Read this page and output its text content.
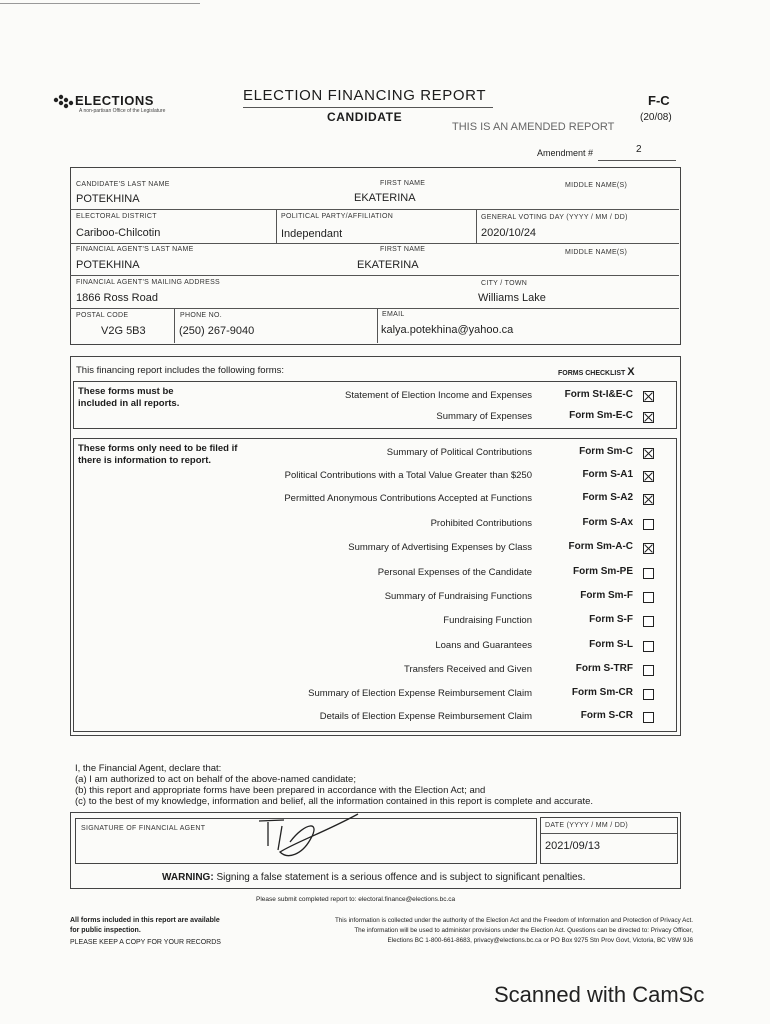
ELECTIONS
A non-partisan Office of the Legislature
ELECTION FINANCING REPORT
CANDIDATE
F-C
(20/08)
THIS IS AN AMENDED REPORT
Amendment #	2
CANDIDATE'S LAST NAME
POTEKHINA
FIRST NAME
EKATERINA
MIDDLE NAME(S)
ELECTORAL DISTRICT
Cariboo-Chilcotin
POLITICAL PARTY/AFFILIATION
Independant
GENERAL VOTING DAY (YYYY / MM / DD)
2020/10/24
FINANCIAL AGENT'S LAST NAME
POTEKHINA
FIRST NAME
EKATERINA
MIDDLE NAME(S)
FINANCIAL AGENT'S MAILING ADDRESS
1866 Ross Road
CITY / TOWN
Williams Lake
POSTAL CODE
V2G 5B3
PHONE NO.
(250) 267-9040
EMAIL
kalya.potekhina@yahoo.ca
This financing report includes the following forms:	FORMS CHECKLIST X
These forms must be included in all reports.
These forms only need to be filed if there is information to report.
Statement of Election Income and Expenses	Form St-I&E-C
Summary of Expenses	Form Sm-E-C
Summary of Political Contributions	Form Sm-C
Political Contributions with a Total Value Greater than $250	Form S-A1
Permitted Anonymous Contributions Accepted at Functions	Form S-A2
Prohibited Contributions	Form S-Ax
Summary of Advertising Expenses by Class	Form Sm-A-C
Personal Expenses of the Candidate	Form Sm-PE
Summary of Fundraising Functions	Form Sm-F
Fundraising Function	Form S-F
Loans and Guarantees	Form S-L
Transfers Received and Given	Form S-TRF
Summary of Election Expense Reimbursement Claim	Form Sm-CR
Details of Election Expense Reimbursement Claim	Form S-CR
I, the Financial Agent, declare that:
(a) I am authorized to act on behalf of the above-named candidate;
(b) this report and appropriate forms have been prepared in accordance with the Election Act; and
(c) to the best of my knowledge, information and belief, all the information contained in this report is complete and accurate.
SIGNATURE OF FINANCIAL AGENT	DATE (YYYY / MM / DD)
2021/09/13
WARNING: Signing a false statement is a serious offence and is subject to significant penalties.
Please submit completed report to: electoral.finance@elections.bc.ca
All forms included in this report are available
for public inspection.
PLEASE KEEP A COPY FOR YOUR RECORDS
This information is collected under the authority of the Election Act and the Freedom of Information and Protection of Privacy Act.
The information will be used to administer provisions under the Election Act. Questions can be directed to: Privacy Officer,
Elections BC 1-800-661-8683, privacy@elections.bc.ca or PO Box 9275 Stn Prov Govt, Victoria, BC V8W 9J6
Scanned with CamSc
